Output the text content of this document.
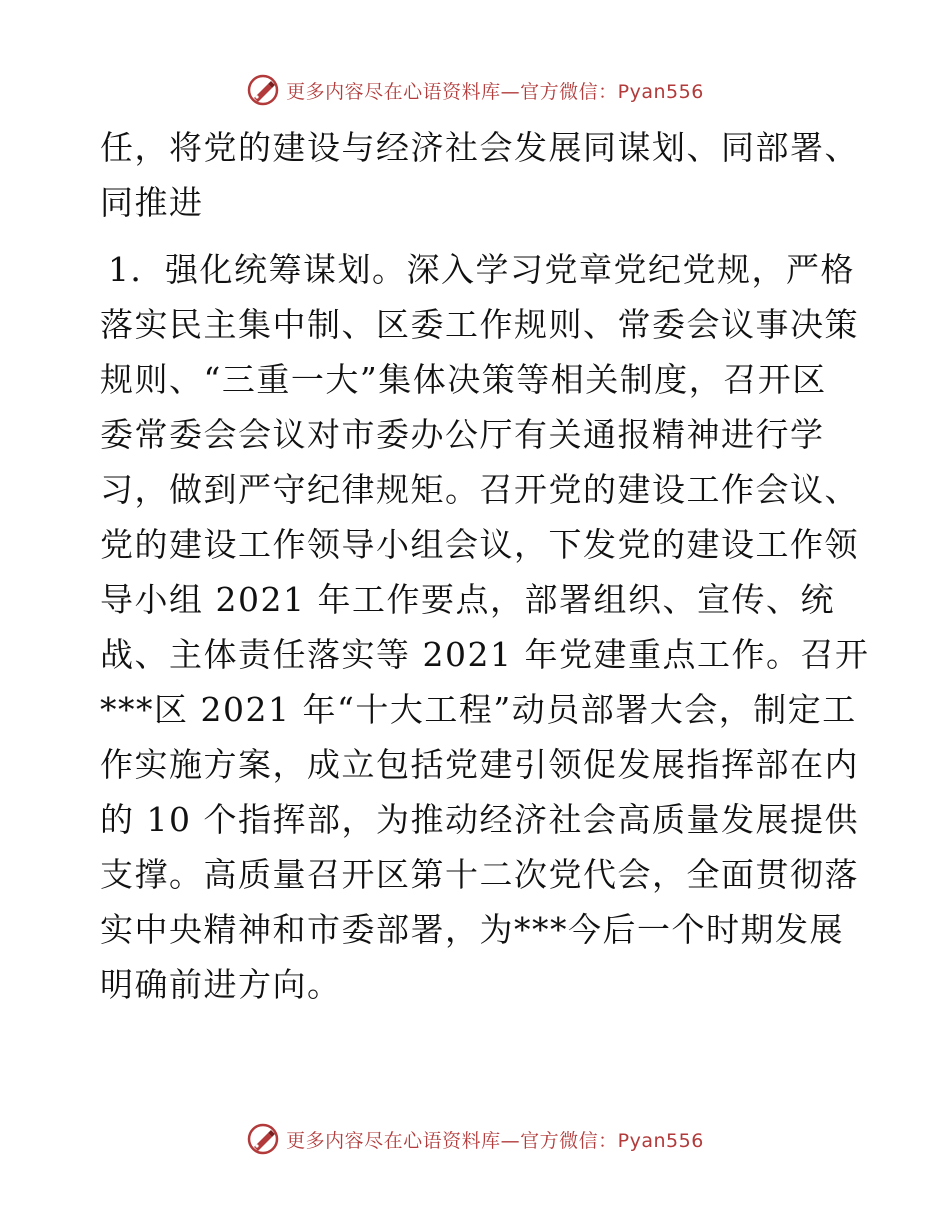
更多内容尽在心语资料库—官方微信：Pyan556
任，将党的建设与经济社会发展同谋划、同部署、
同推进
1．强化统筹谋划。深入学习党章党纪党规，严格
落实民主集中制、区委工作规则、常委会议事决策
规则、“三重一大”集体决策等相关制度，召开区
委常委会会议对市委办公厅有关通报精神进行学
习，做到严守纪律规矩。召开党的建设工作会议、
党的建设工作领导小组会议，下发党的建设工作领
导小组 2021 年工作要点，部署组织、宣传、统
战、主体责任落实等 2021 年党建重点工作。召开
***区 2021 年“十大工程”动员部署大会，制定工
作实施方案，成立包括党建引领促发展指挥部在内
的 10 个指挥部，为推动经济社会高质量发展提供
支撑。高质量召开区第十二次党代会，全面贯彻落
实中央精神和市委部署，为***今后一个时期发展
明确前进方向。
更多内容尽在心语资料库—官方微信：Pyan556
